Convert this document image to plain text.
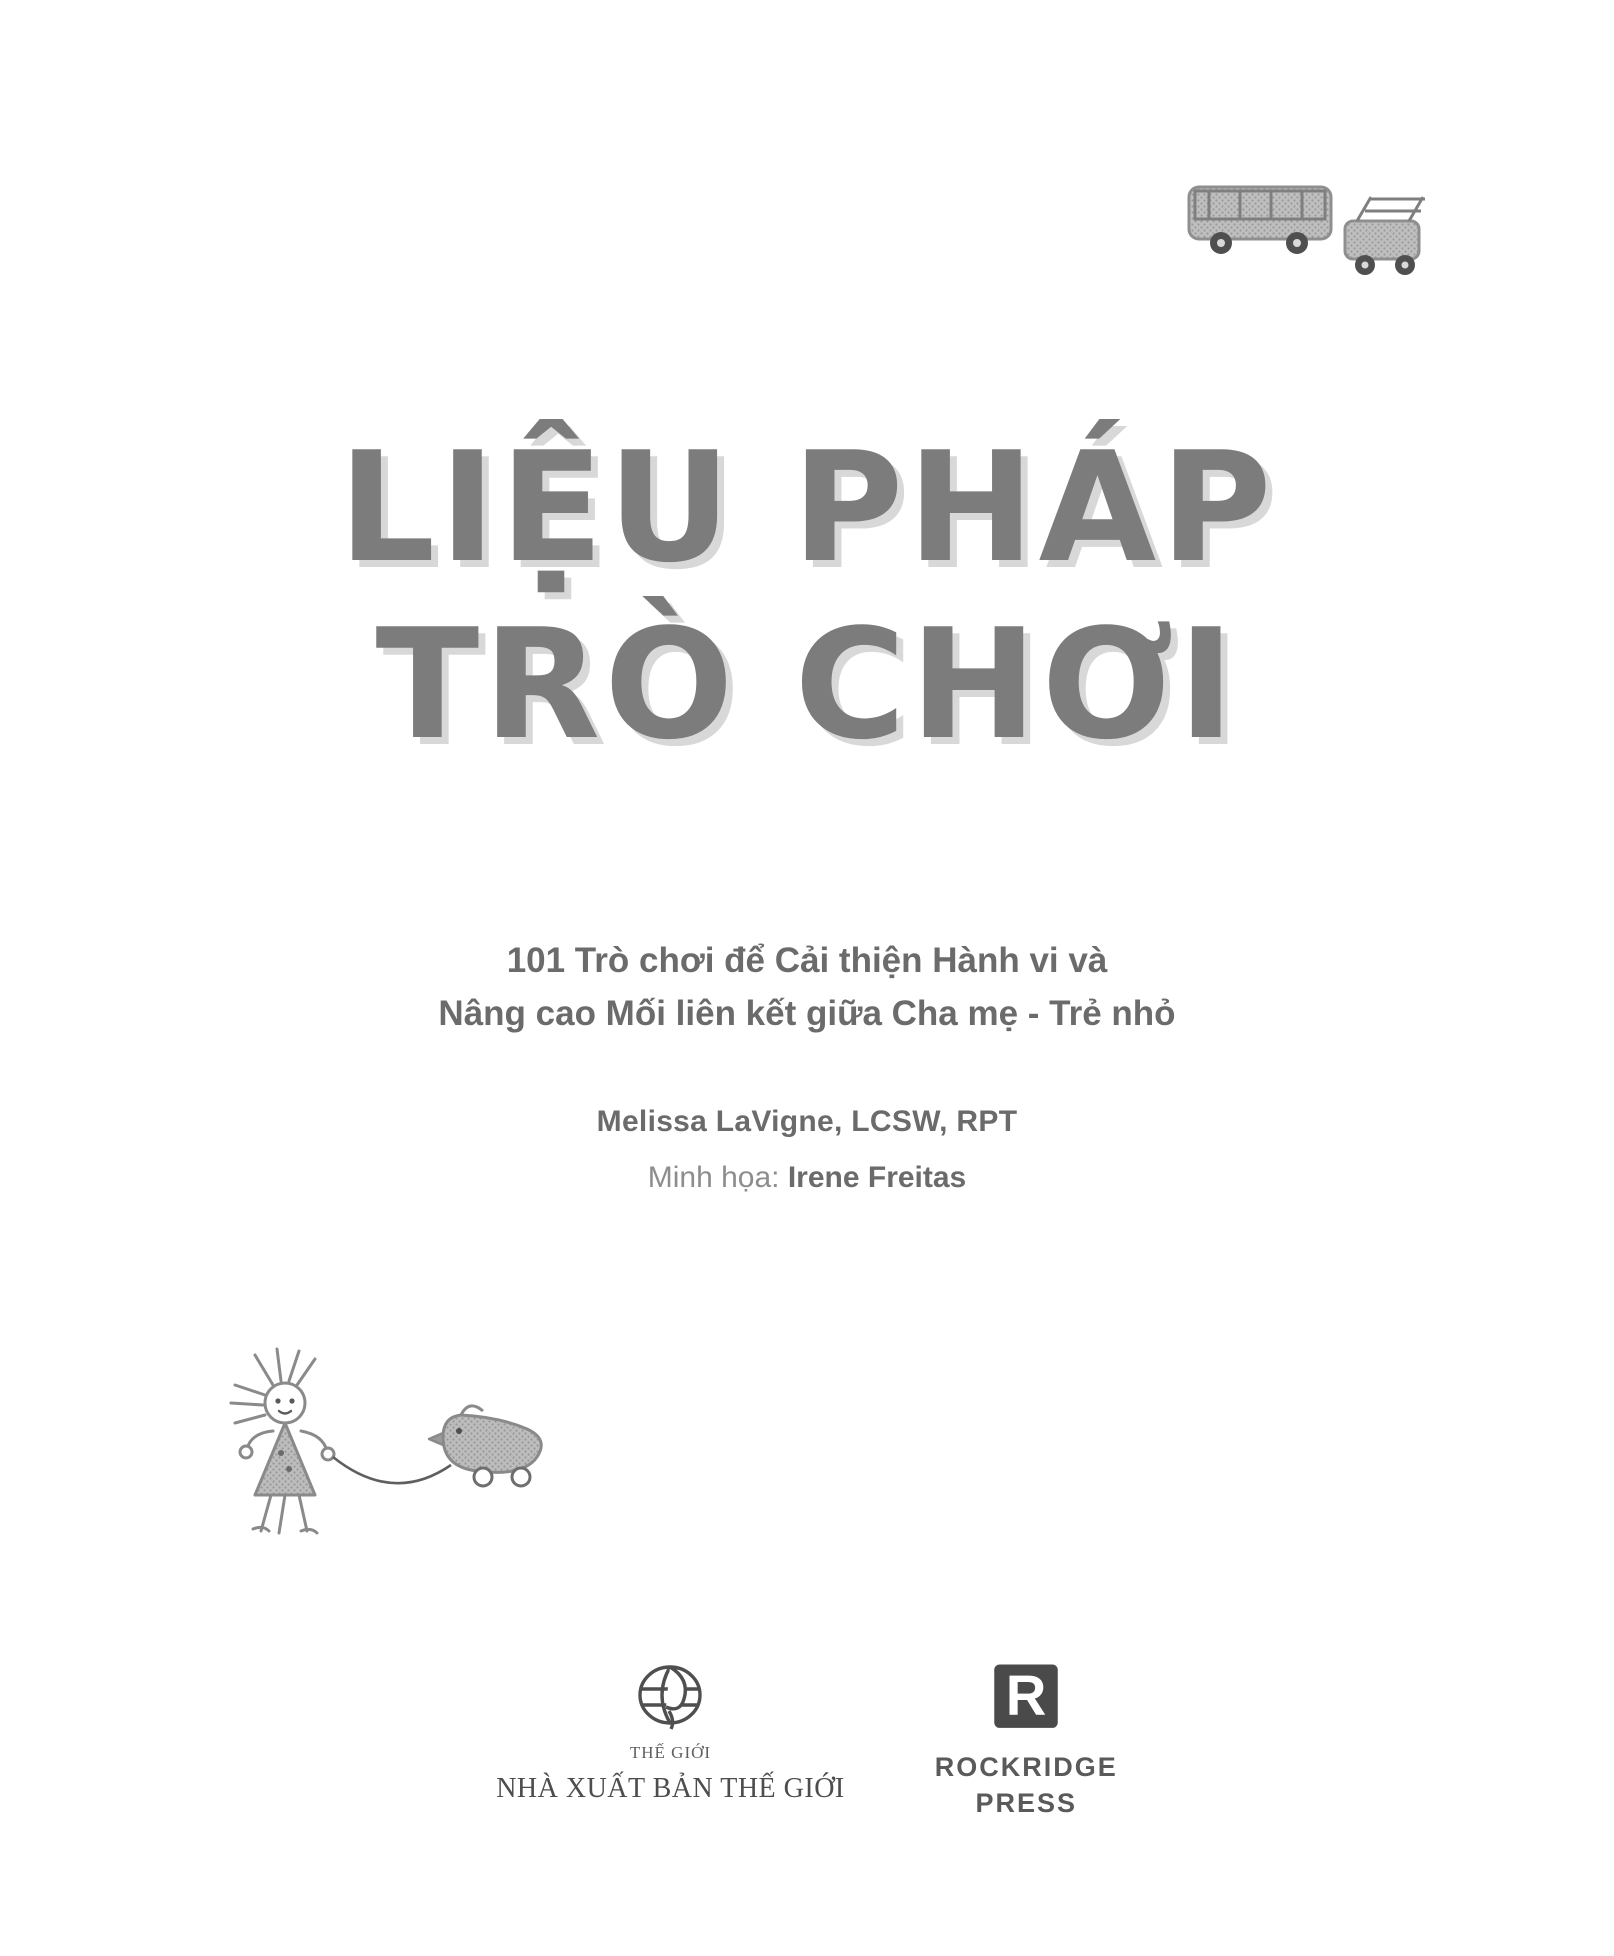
LIỆU PHÁP
TRÒ CHƠI
101 Trò chơi để Cải thiện Hành vi và
Nâng cao Mối liên kết giữa Cha mẹ - Trẻ nhỏ
Melissa LaVigne, LCSW, RPT
Minh họa: Irene Freitas
THẾ GIỚI
NHÀ XUẤT BẢN THẾ GIỚI
R
ROCKRIDGE
PRESS
